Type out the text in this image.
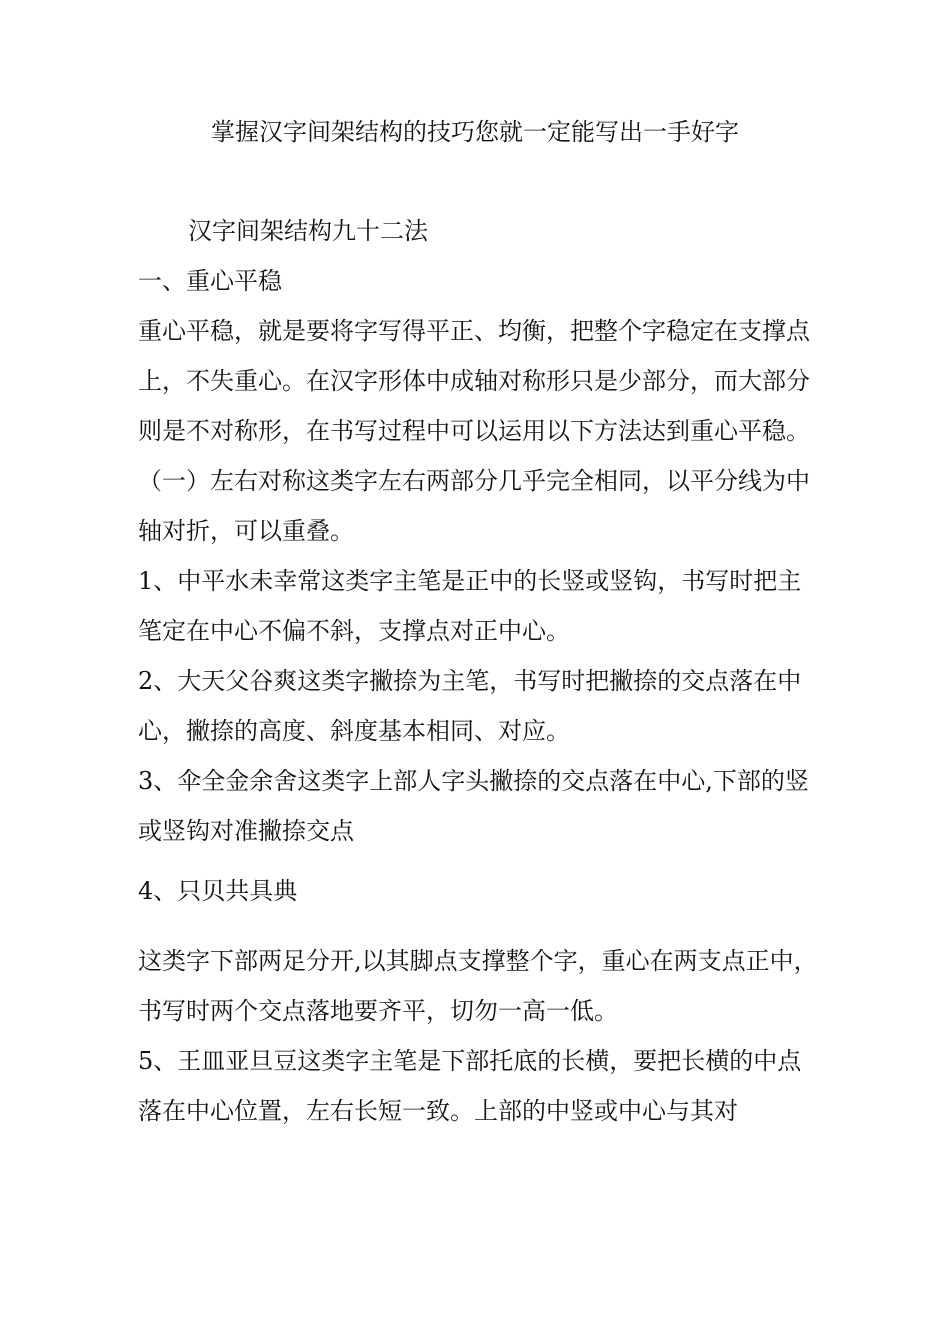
掌握汉字间架结构的技巧您就一定能写出一手好字

汉字间架结构九十二法

一、重心平稳

重心平稳，就是要将字写得平正、均衡，把整个字稳定在支撑点上，不失重心。在汉字形体中成轴对称形只是少部分，而大部分则是不对称形，在书写过程中可以运用以下方法达到重心平稳。

（一）左右对称这类字左右两部分几乎完全相同，以平分线为中轴对折，可以重叠。

1、中平水未幸常这类字主笔是正中的长竖或竖钩，书写时把主笔定在中心不偏不斜，支撑点对正中心。

2、大天父谷爽这类字撇捺为主笔，书写时把撇捺的交点落在中心，撇捺的高度、斜度基本相同、对应。

3、伞全金余舍这类字上部人字头撇捺的交点落在中心,下部的竖或竖钩对准撇捺交点

4、只贝共具典

这类字下部两足分开,以其脚点支撑整个字，重心在两支点正中，书写时两个交点落地要齐平，切勿一高一低。

5、王皿亚旦豆这类字主笔是下部托底的长横，要把长横的中点落在中心位置，左右长短一致。上部的中竖或中心与其对
